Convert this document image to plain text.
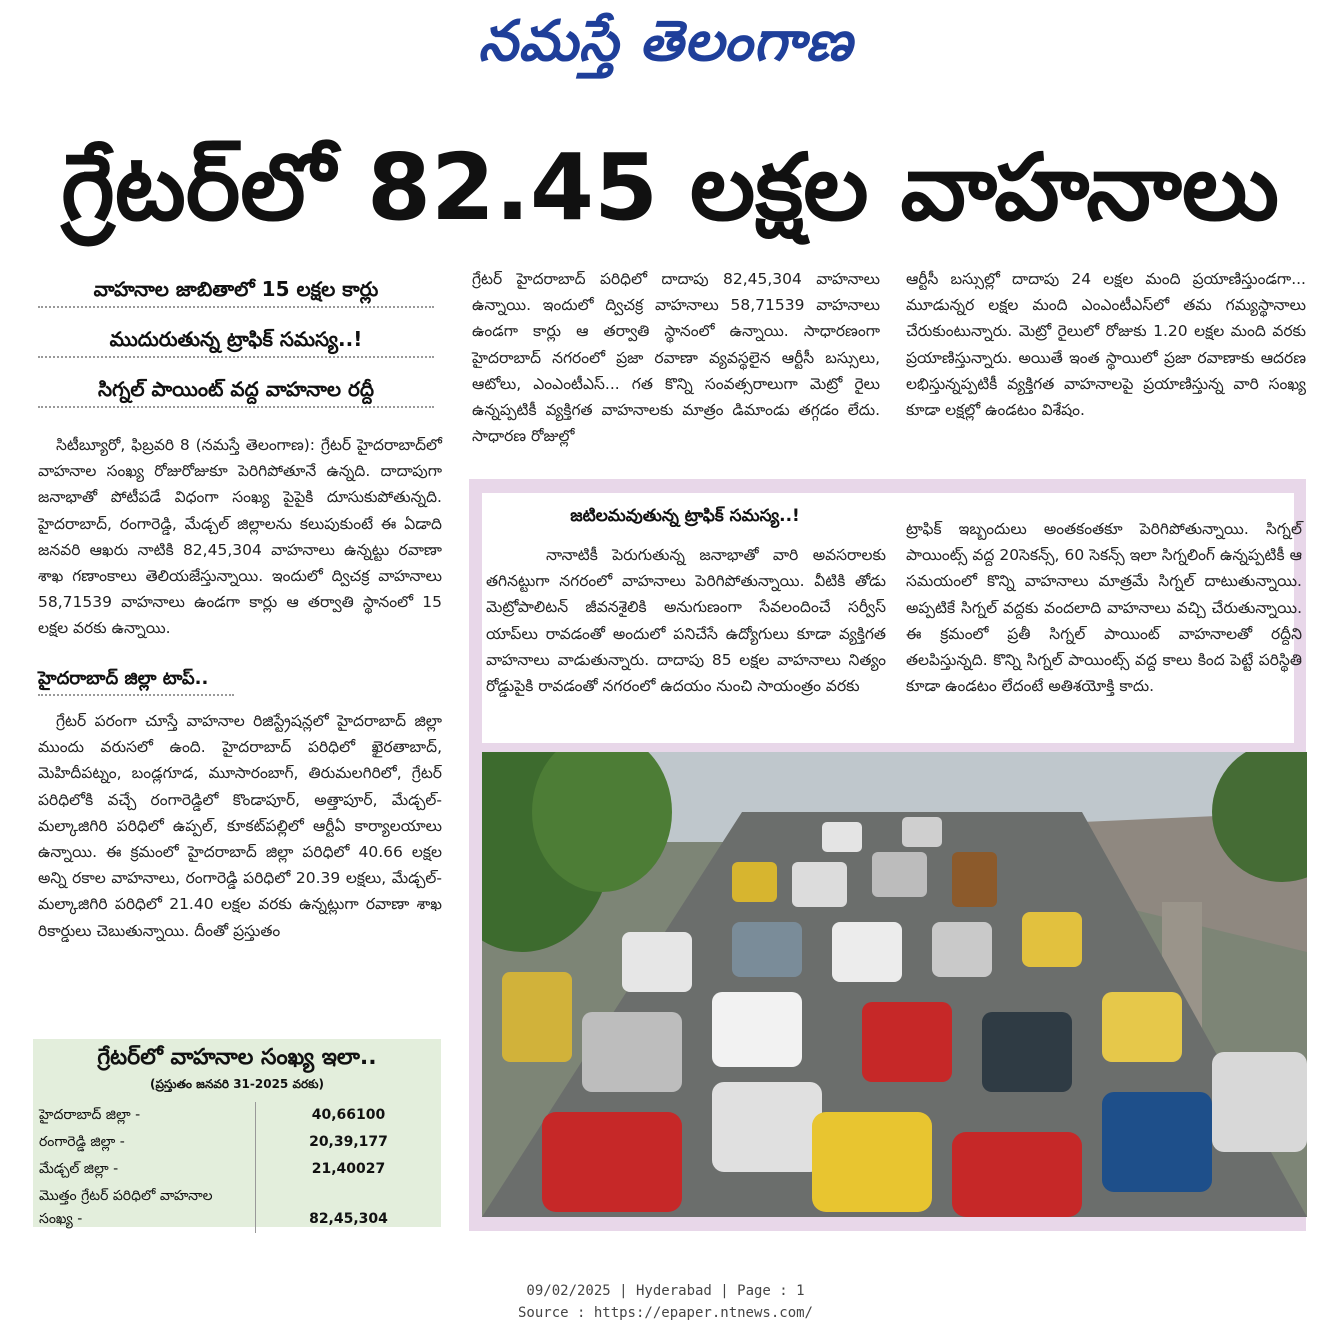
నమస్తే తెలంగాణ
గ్రేటర్‌లో 82.45 లక్షల వాహనాలు
వాహనాల జాబితాలో 15 లక్షల కార్లు
ముదురుతున్న ట్రాఫిక్ సమస్య..!
సిగ్నల్ పాయింట్ వద్ద వాహనాల రద్దీ
సిటీబ్యూరో, ఫిబ్రవరి 8 (నమస్తే తెలంగాణ): గ్రేటర్ హైదరాబాద్‌లో వాహనాల సంఖ్య రోజురోజుకూ పెరిగిపోతూనే ఉన్నది. దాదాపుగా జనాభాతో పోటీపడే విధంగా సంఖ్య పైపైకి దూసుకుపోతున్నది. హైదరాబాద్, రంగారెడ్డి, మేడ్చల్ జిల్లాలను కలుపుకుంటే ఈ ఏడాది జనవరి ఆఖరు నాటికి 82,45,304 వాహనాలు ఉన్నట్టు రవాణా శాఖ గణాంకాలు తెలియజేస్తున్నాయి. ఇందులో ద్విచక్ర వాహనాలు 58,71539 వాహనాలు ఉండగా కార్లు ఆ తర్వాతి స్థానంలో 15 లక్షల వరకు ఉన్నాయి.
హైదరాబాద్ జిల్లా టాప్..
గ్రేటర్ పరంగా చూస్తే వాహనాల రిజిస్ట్రేషన్లలో హైదరాబాద్ జిల్లా ముందు వరుసలో ఉంది. హైదరాబాద్ పరిధిలో ఖైరతాబాద్, మెహిదీపట్నం, బండ్లగూడ, మూసారంబాగ్, తిరుమలగిరిలో, గ్రేటర్ పరిధిలోకి వచ్చే రంగారెడ్డిలో కొండాపూర్, అత్తాపూర్, మేడ్చల్-మల్కాజిగిరి పరిధిలో ఉప్పల్, కూకట్‌పల్లిలో ఆర్టీఏ కార్యాలయాలు ఉన్నాయి. ఈ క్రమంలో హైదరాబాద్ జిల్లా పరిధిలో 40.66 లక్షల అన్ని రకాల వాహనాలు, రంగారెడ్డి పరిధిలో 20.39 లక్షలు, మేడ్చల్-మల్కాజిగిరి పరిధిలో 21.40 లక్షల వరకు ఉన్నట్లుగా రవాణా శాఖ రికార్డులు చెబుతున్నాయి. దీంతో ప్రస్తుతం
గ్రేటర్‌లో వాహనాల సంఖ్య ఇలా..
(ప్రస్తుతం జనవరి 31-2025 వరకు)
హైదరాబాద్ జిల్లా -	40,66100
రంగారెడ్డి జిల్లా -	20,39,177
మేడ్చల్ జిల్లా -	21,40027
మొత్తం గ్రేటర్ పరిధిలో వాహనాల సంఖ్య -	82,45,304
గ్రేటర్ హైదరాబాద్ పరిధిలో దాదాపు 82,45,304 వాహనాలు ఉన్నాయి. ఇందులో ద్విచక్ర వాహనాలు 58,71539 వాహనాలు ఉండగా కార్లు ఆ తర్వాతి స్థానంలో ఉన్నాయి. సాధారణంగా హైదరాబాద్ నగరంలో ప్రజా రవాణా వ్యవస్థలైన ఆర్టీసీ బస్సులు, ఆటోలు, ఎంఎంటీఎస్... గత కొన్ని సంవత్సరాలుగా మెట్రో రైలు ఉన్నప్పటికీ వ్యక్తిగత వాహనాలకు మాత్రం డిమాండు తగ్గడం లేదు. సాధారణ రోజుల్లో
ఆర్టీసీ బస్సుల్లో దాదాపు 24 లక్షల మంది ప్రయాణిస్తుండగా... మూడున్నర లక్షల మంది ఎంఎంటీఎస్‌లో తమ గమ్యస్థానాలు చేరుకుంటున్నారు. మెట్రో రైలులో రోజుకు 1.20 లక్షల మంది వరకు ప్రయాణిస్తున్నారు. అయితే ఇంత స్థాయిలో ప్రజా రవాణాకు ఆదరణ లభిస్తున్నప్పటికీ వ్యక్తిగత వాహనాలపై ప్రయాణిస్తున్న వారి సంఖ్య కూడా లక్షల్లో ఉండటం విశేషం.
జటిలమవుతున్న ట్రాఫిక్ సమస్య..!
నానాటికీ పెరుగుతున్న జనాభాతో వారి అవసరాలకు తగినట్టుగా నగరంలో వాహనాలు పెరిగిపోతున్నాయి. వీటికి తోడు మెట్రోపాలిటన్ జీవనశైలికి అనుగుణంగా సేవలందించే సర్వీస్ యాప్‌లు రావడంతో అందులో పనిచేసే ఉద్యోగులు కూడా వ్యక్తిగత వాహనాలు వాడుతున్నారు. దాదాపు 85 లక్షల వాహనాలు నిత్యం రోడ్డుపైకి రావడంతో నగరంలో ఉదయం నుంచి సాయంత్రం వరకు
ట్రాఫిక్ ఇబ్బందులు అంతకంతకూ పెరిగిపోతున్నాయి. సిగ్నల్ పాయింట్స్ వద్ద 20సెకన్స్, 60 సెకన్స్ ఇలా సిగ్నలింగ్ ఉన్నప్పటికీ ఆ సమయంలో కొన్ని వాహనాలు మాత్రమే సిగ్నల్ దాటుతున్నాయి. అప్పటికే సిగ్నల్ వద్దకు వందలాది వాహనాలు వచ్చి చేరుతున్నాయి. ఈ క్రమంలో ప్రతీ సిగ్నల్ పాయింట్ వాహనాలతో రద్దీని తలపిస్తున్నది. కొన్ని సిగ్నల్ పాయింట్స్ వద్ద కాలు కింద పెట్టే పరిస్థితి కూడా ఉండటం లేదంటే అతిశయోక్తి కాదు.
09/02/2025 | Hyderabad | Page : 1
Source : https://epaper.ntnews.com/
